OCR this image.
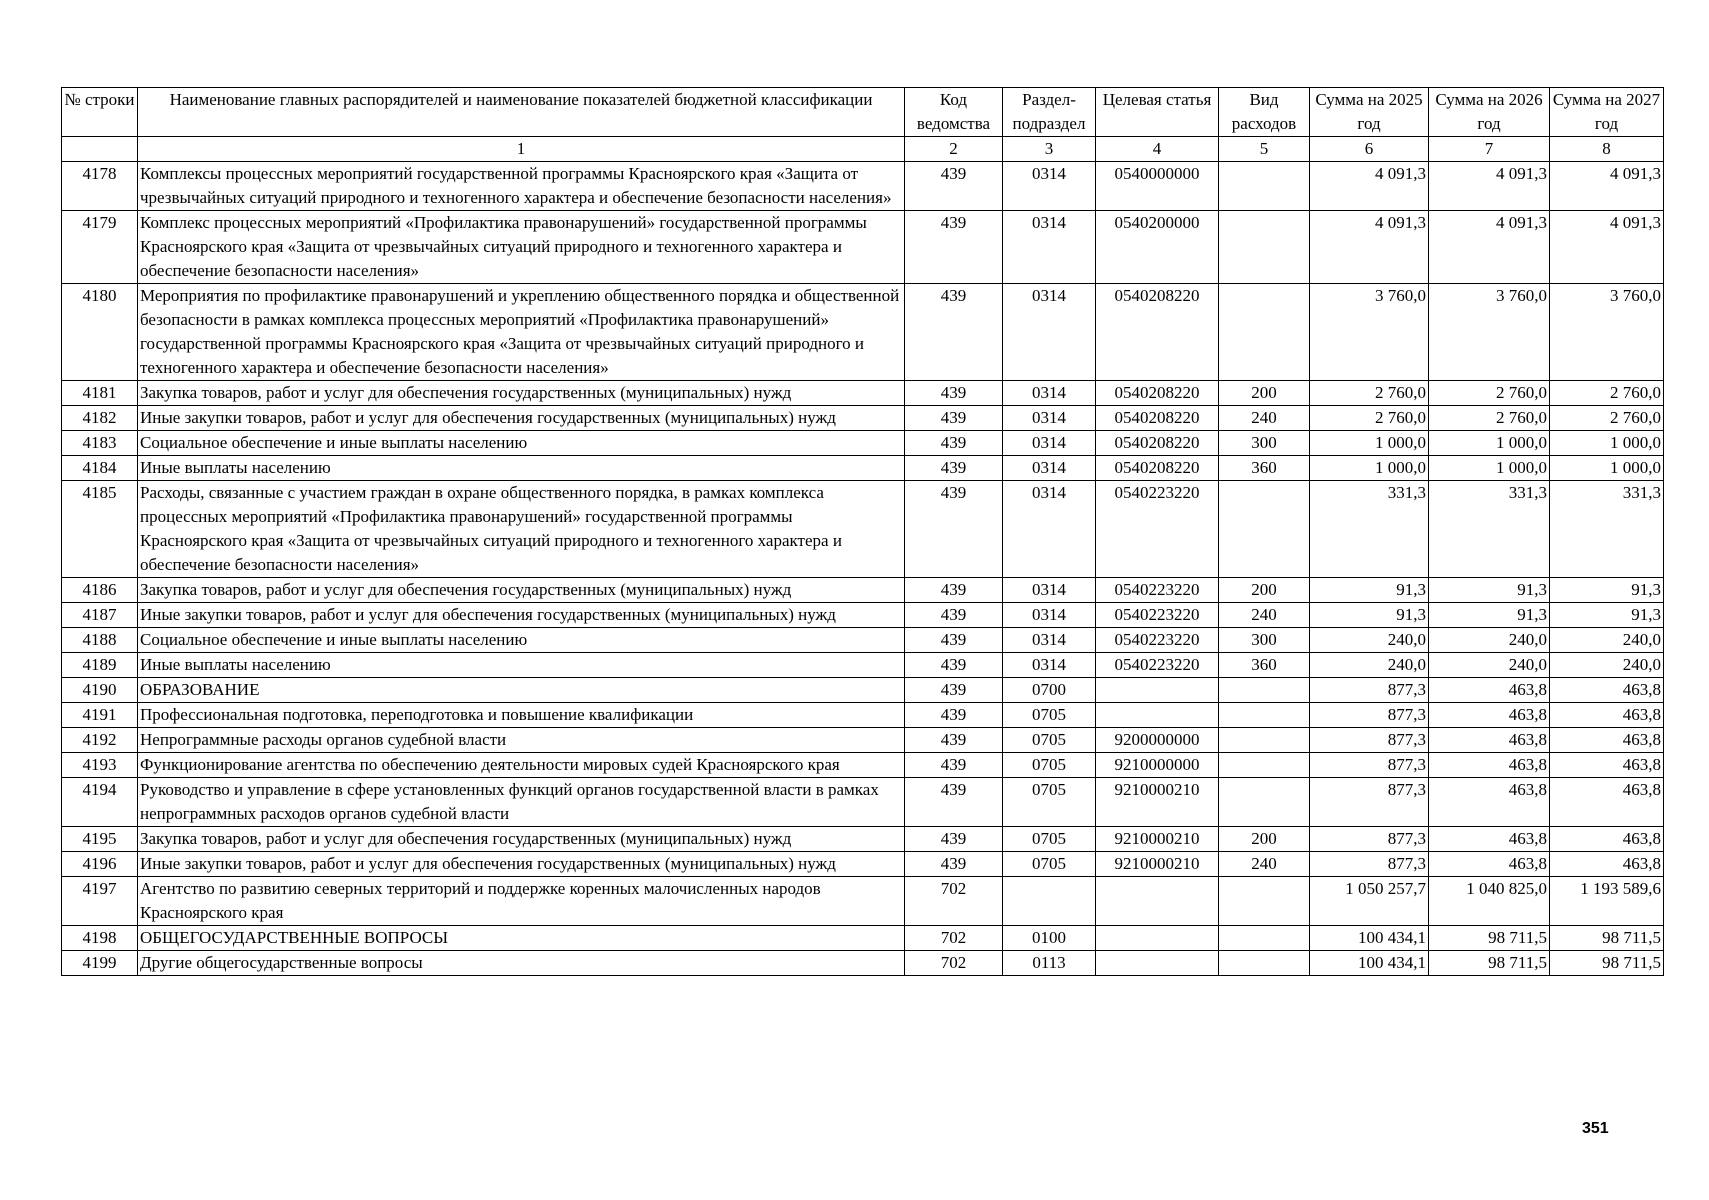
№ строки	Наименование главных распорядителей и наименование показателей бюджетной классификации	Код ведомства	Раздел-подраздел	Целевая статья	Вид расходов	Сумма на 2025 год	Сумма на 2026 год	Сумма на 2027 год
	1	2	3	4	5	6	7	8
4178	Комплексы процессных мероприятий государственной программы Красноярского края «Защита от чрезвычайных ситуаций природного и техногенного характера и обеспечение безопасности населения»	439	0314	0540000000		4 091,3	4 091,3	4 091,3
4179	Комплекс процессных мероприятий «Профилактика правонарушений» государственной программы Красноярского края «Защита от чрезвычайных ситуаций природного и техногенного характера и обеспечение безопасности населения»	439	0314	0540200000		4 091,3	4 091,3	4 091,3
4180	Мероприятия по профилактике правонарушений и укреплению общественного порядка и общественной безопасности в рамках комплекса процессных мероприятий «Профилактика правонарушений» государственной программы Красноярского края «Защита от чрезвычайных ситуаций природного и техногенного характера и обеспечение безопасности населения»	439	0314	0540208220		3 760,0	3 760,0	3 760,0
4181	Закупка товаров, работ и услуг для обеспечения государственных (муниципальных) нужд	439	0314	0540208220	200	2 760,0	2 760,0	2 760,0
4182	Иные закупки товаров, работ и услуг для обеспечения государственных (муниципальных) нужд	439	0314	0540208220	240	2 760,0	2 760,0	2 760,0
4183	Социальное обеспечение и иные выплаты населению	439	0314	0540208220	300	1 000,0	1 000,0	1 000,0
4184	Иные выплаты населению	439	0314	0540208220	360	1 000,0	1 000,0	1 000,0
4185	Расходы, связанные с участием граждан в охране общественного порядка, в рамках комплекса процессных мероприятий «Профилактика правонарушений» государственной программы Красноярского края «Защита от чрезвычайных ситуаций природного и техногенного характера и обеспечение безопасности населения»	439	0314	0540223220		331,3	331,3	331,3
4186	Закупка товаров, работ и услуг для обеспечения государственных (муниципальных) нужд	439	0314	0540223220	200	91,3	91,3	91,3
4187	Иные закупки товаров, работ и услуг для обеспечения государственных (муниципальных) нужд	439	0314	0540223220	240	91,3	91,3	91,3
4188	Социальное обеспечение и иные выплаты населению	439	0314	0540223220	300	240,0	240,0	240,0
4189	Иные выплаты населению	439	0314	0540223220	360	240,0	240,0	240,0
4190	ОБРАЗОВАНИЕ	439	0700			877,3	463,8	463,8
4191	Профессиональная подготовка, переподготовка и повышение квалификации	439	0705			877,3	463,8	463,8
4192	Непрограммные расходы органов судебной власти	439	0705	9200000000		877,3	463,8	463,8
4193	Функционирование агентства по обеспечению деятельности мировых судей Красноярского края	439	0705	9210000000		877,3	463,8	463,8
4194	Руководство и управление в сфере установленных функций органов государственной власти в рамках непрограммных расходов органов судебной власти	439	0705	9210000210		877,3	463,8	463,8
4195	Закупка товаров, работ и услуг для обеспечения государственных (муниципальных) нужд	439	0705	9210000210	200	877,3	463,8	463,8
4196	Иные закупки товаров, работ и услуг для обеспечения государственных (муниципальных) нужд	439	0705	9210000210	240	877,3	463,8	463,8
4197	Агентство по развитию северных территорий и поддержке коренных малочисленных народов Красноярского края	702				1 050 257,7	1 040 825,0	1 193 589,6
4198	ОБЩЕГОСУДАРСТВЕННЫЕ ВОПРОСЫ	702	0100			100 434,1	98 711,5	98 711,5
4199	Другие общегосударственные вопросы	702	0113			100 434,1	98 711,5	98 711,5
351
